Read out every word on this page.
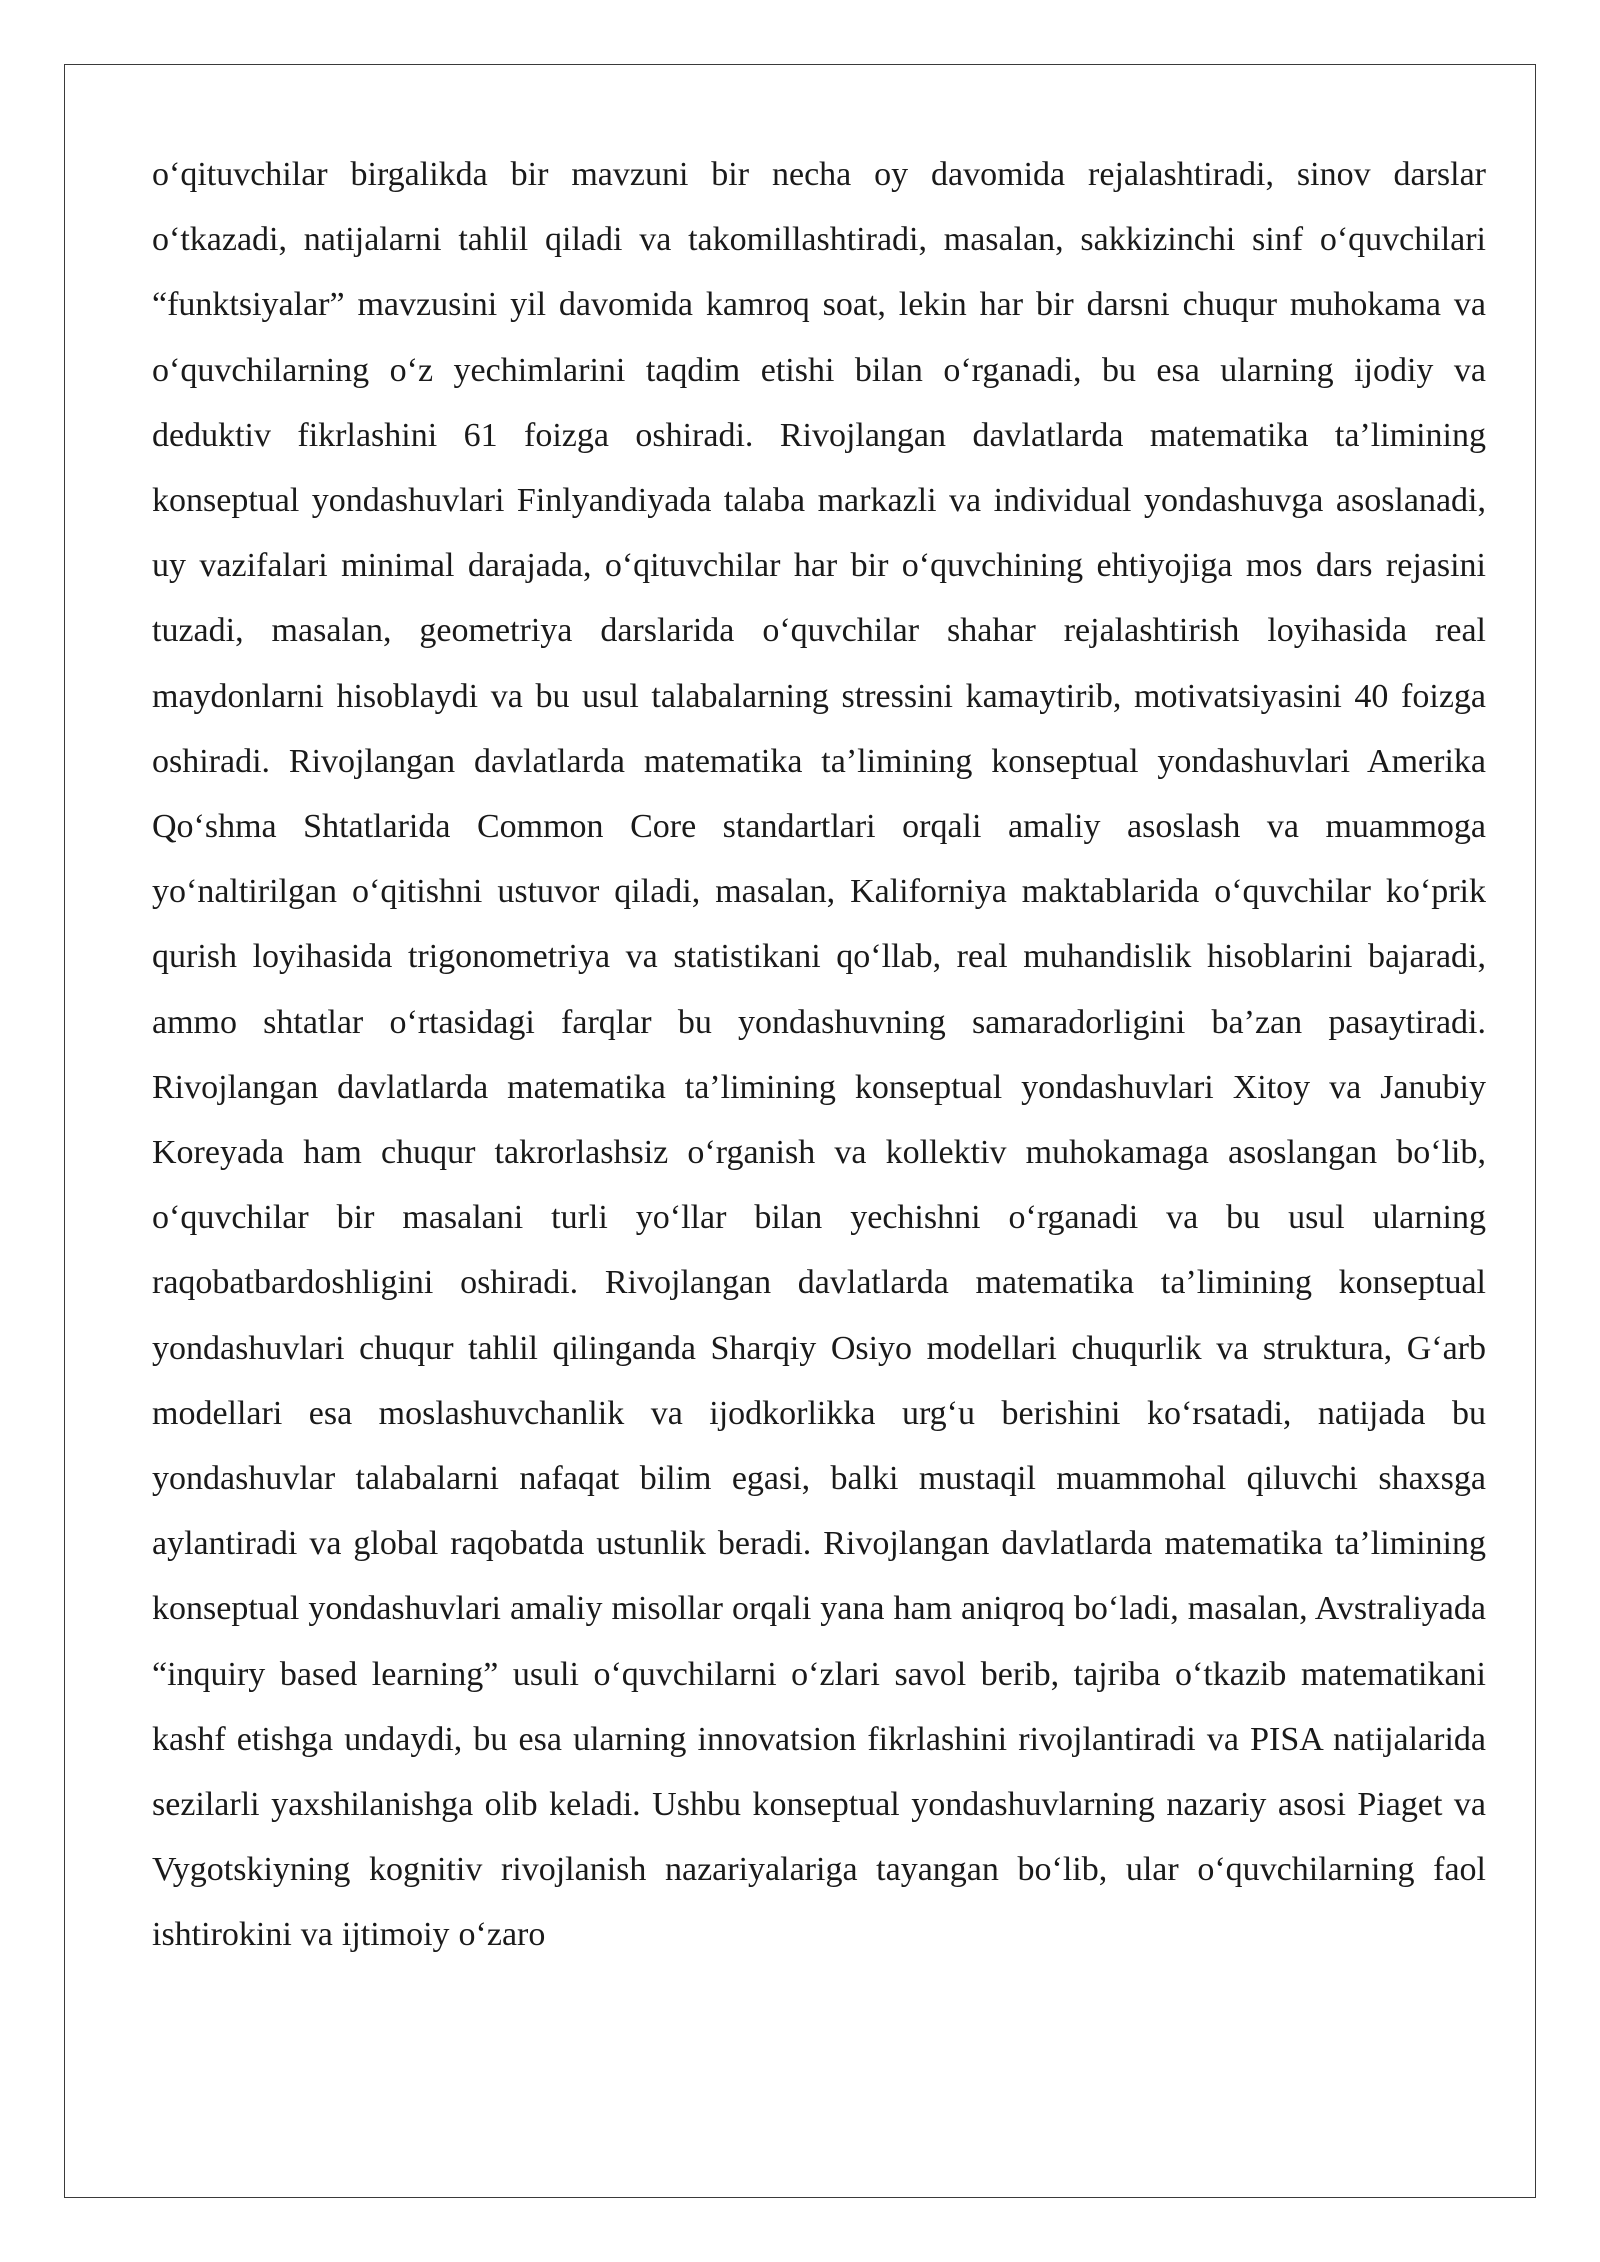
o‘qituvchilar birgalikda bir mavzuni bir necha oy davomida rejalashtiradi, sinov darslar o‘tkazadi, natijalarni tahlil qiladi va takomillashtiradi, masalan, sakkizinchi sinf o‘quvchilari “funktsiyalar” mavzusini yil davomida kamroq soat, lekin har bir darsni chuqur muhokama va o‘quvchilarning o‘z yechimlarini taqdim etishi bilan o‘rganadi, bu esa ularning ijodiy va deduktiv fikrlashini 61 foizga oshiradi. Rivojlangan davlatlarda matematika ta’limining konseptual yondashuvlari Finlyandiyada talaba markazli va individual yondashuvga asoslanadi, uy vazifalari minimal darajada, o‘qituvchilar har bir o‘quvchining ehtiyojiga mos dars rejasini tuzadi, masalan, geometriya darslarida o‘quvchilar shahar rejalashtirish loyihasida real maydonlarni hisoblaydi va bu usul talabalarning stressini kamaytirib, motivatsiyasini 40 foizga oshiradi. Rivojlangan davlatlarda matematika ta’limining konseptual yondashuvlari Amerika Qo‘shma Shtatlarida Common Core standartlari orqali amaliy asoslash va muammoga yo‘naltirilgan o‘qitishni ustuvor qiladi, masalan, Kaliforniya maktablarida o‘quvchilar ko‘prik qurish loyihasida trigonometriya va statistikani qo‘llab, real muhandislik hisoblarini bajaradi, ammo shtatlar o‘rtasidagi farqlar bu yondashuvning samaradorligini ba’zan pasaytiradi. Rivojlangan davlatlarda matematika ta’limining konseptual yondashuvlari Xitoy va Janubiy Koreyada ham chuqur takrorlashsiz o‘rganish va kollektiv muhokamaga asoslangan bo‘lib, o‘quvchilar bir masalani turli yo‘llar bilan yechishni o‘rganadi va bu usul ularning raqobatbardoshligini oshiradi. Rivojlangan davlatlarda matematika ta’limining konseptual yondashuvlari chuqur tahlil qilinganda Sharqiy Osiyo modellari chuqurlik va struktura, G‘arb modellari esa moslashuvchanlik va ijodkorlikka urg‘u berishini ko‘rsatadi, natijada bu yondashuvlar talabalarni nafaqat bilim egasi, balki mustaqil muammohal qiluvchi shaxsga aylantiradi va global raqobatda ustunlik beradi. Rivojlangan davlatlarda matematika ta’limining konseptual yondashuvlari amaliy misollar orqali yana ham aniqroq bo‘ladi, masalan, Avstraliyada “inquiry based learning” usuli o‘quvchilarni o‘zlari savol berib, tajriba o‘tkazib matematikani kashf etishga undaydi, bu esa ularning innovatsion fikrlashini rivojlantiradi va PISA natijalarida sezilarli yaxshilanishga olib keladi. Ushbu konseptual yondashuvlarning nazariy asosi Piaget va Vygotskiyning kognitiv rivojlanish nazariyalariga tayangan bo‘lib, ular o‘quvchilarning faol ishtirokini va ijtimoiy o‘zaro
